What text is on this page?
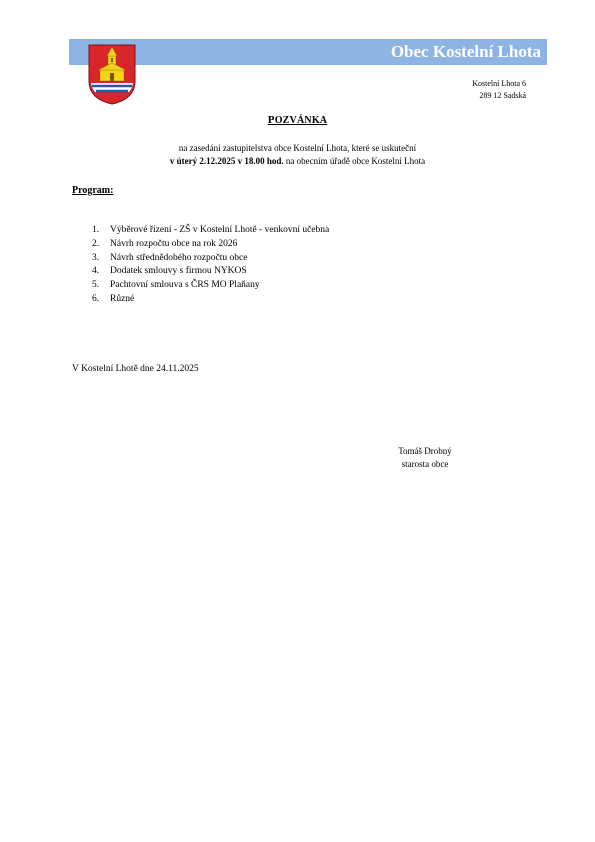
Obec Kostelní Lhota
Kostelní Lhota 6
289 12 Sadská
POZVÁNKA
na zasedání zastupitelstva obce Kostelní Lhota, které se uskuteční
v úterý 2.12.2025 v 18.00 hod. na obecním úřadě obce Kostelní Lhota
Program:
1.	Výběrové řízení - ZŠ v Kostelní Lhotě - venkovní učebna
2.	Návrh rozpočtu obce na rok 2026
3.	Návrh střednědobého rozpočtu obce
4.	Dodatek smlouvy s firmou NYKOS
5.	Pachtovní smlouva s ČRS MO Plaňany
6.	Různé
V Kostelní Lhotě dne 24.11.2025
Tomáš Drobný
starosta obce
